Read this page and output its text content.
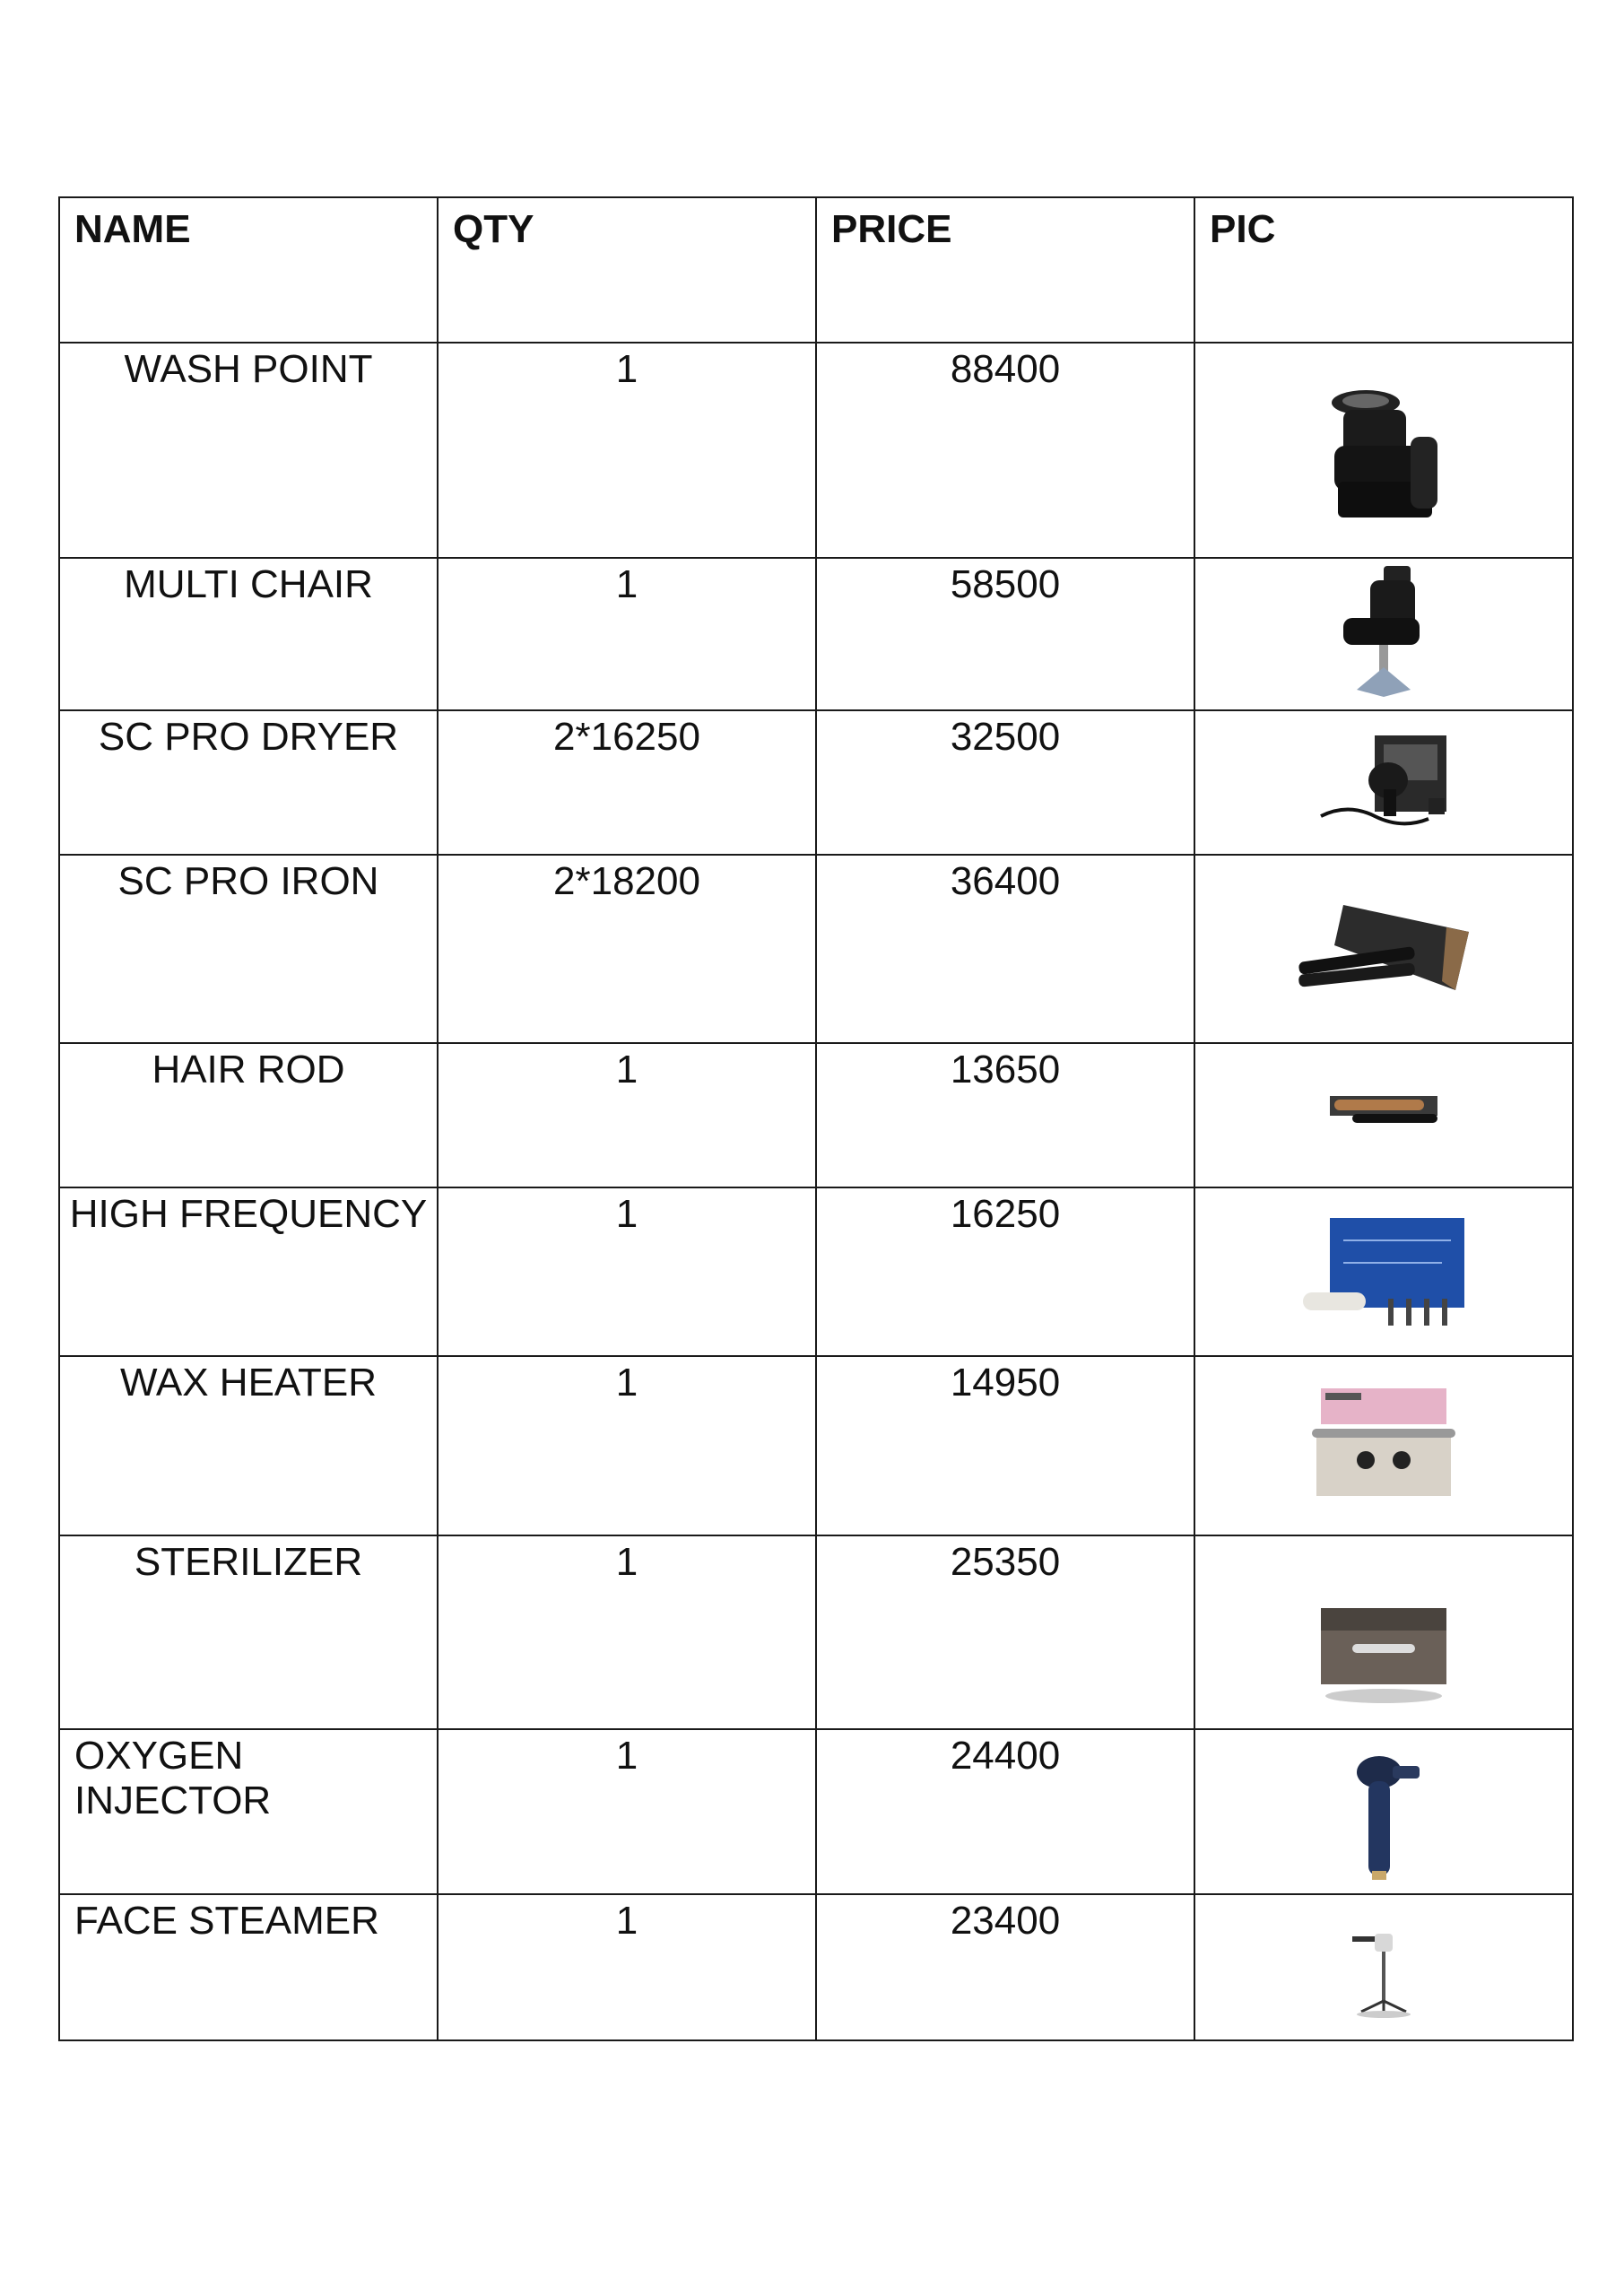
NAME	QTY	PRICE	PIC
WASH POINT	1	88400	

MULTI CHAIR	1	58500	

SC PRO DRYER	2*16250	32500	

SC PRO IRON	2*18200	36400	

HAIR ROD	1	13650	

HIGH FREQUENCY	1	16250	

WAX HEATER	1	14950	

STERILIZER	1	25350	

OXYGEN INJECTOR	1	24400	

FACE STEAMER	1	23400	
